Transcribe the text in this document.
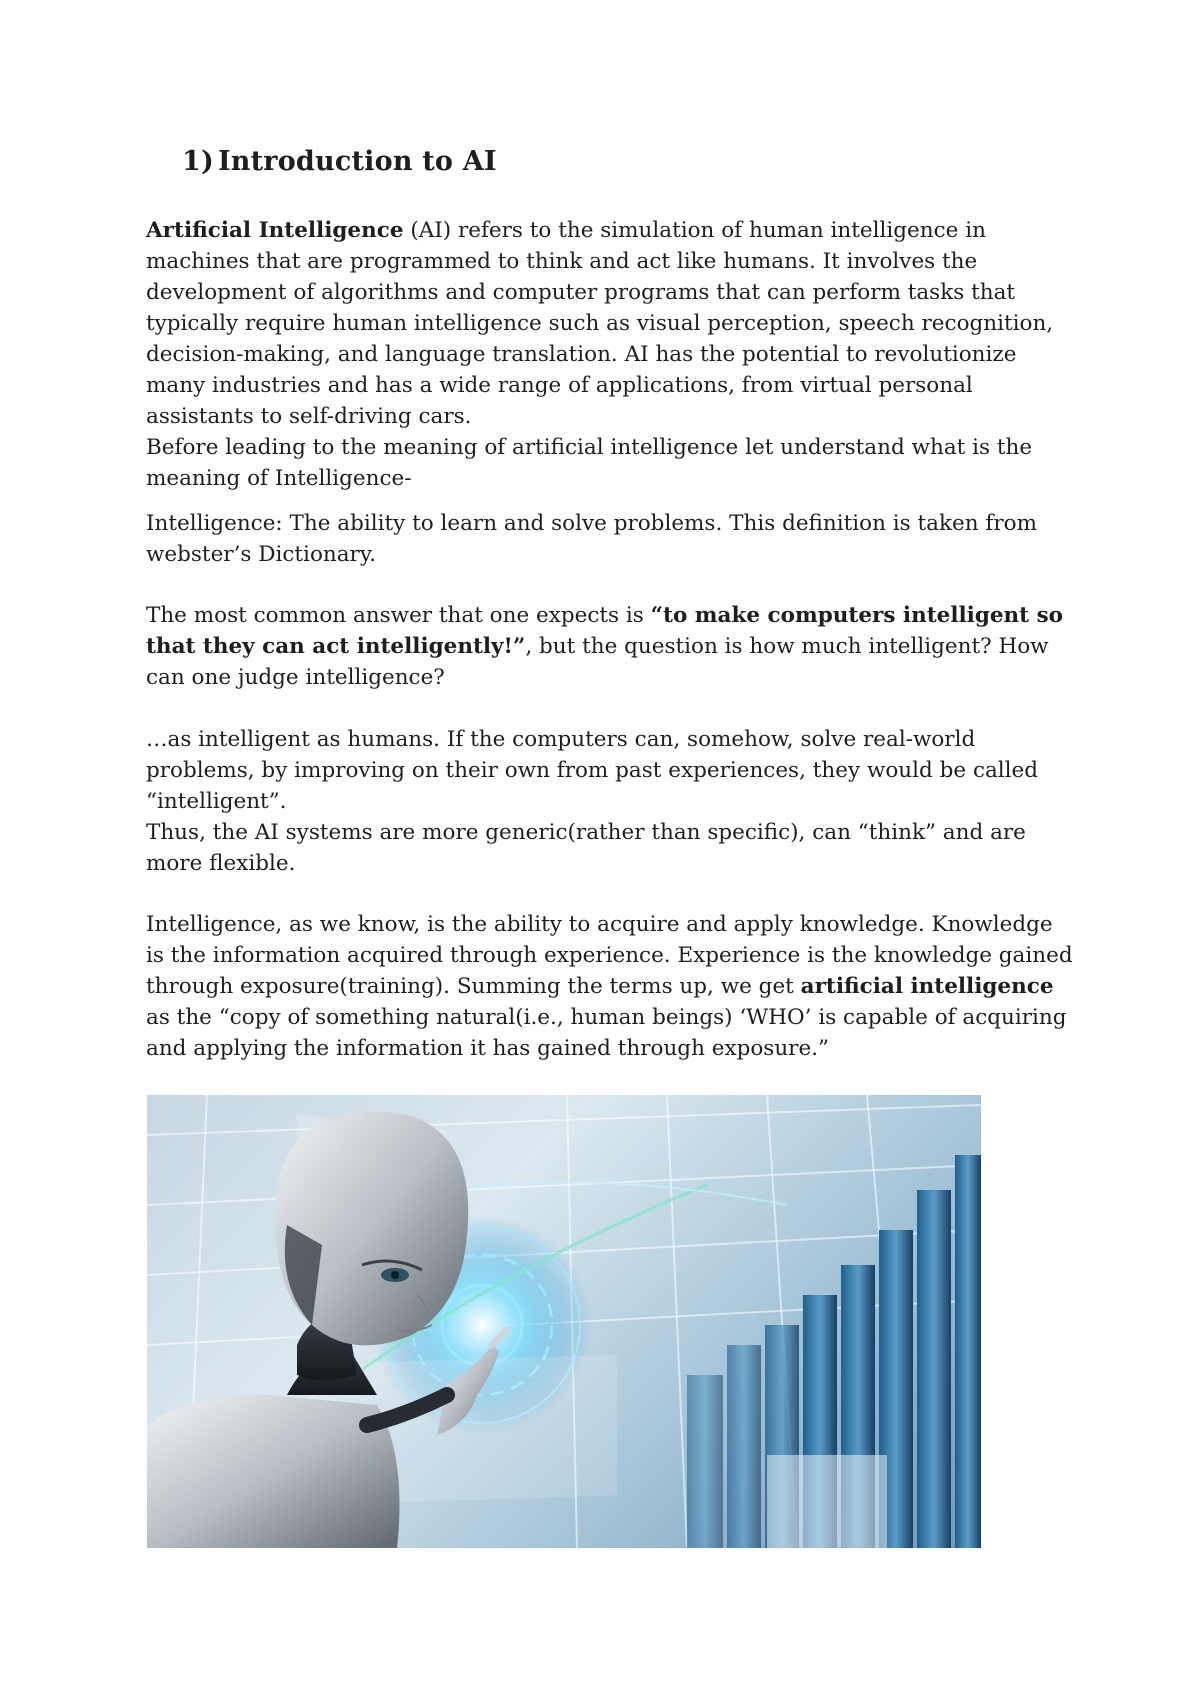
1) Introduction to AI

Artificial Intelligence (AI) refers to the simulation of human intelligence in machines that are programmed to think and act like humans. It involves the development of algorithms and computer programs that can perform tasks that typically require human intelligence such as visual perception, speech recognition, decision-making, and language translation. AI has the potential to revolutionize many industries and has a wide range of applications, from virtual personal assistants to self-driving cars.

Before leading to the meaning of artificial intelligence let understand what is the meaning of Intelligence-

Intelligence: The ability to learn and solve problems. This definition is taken from webster’s Dictionary.

The most common answer that one expects is “to make computers intelligent so that they can act intelligently!”, but the question is how much intelligent? How can one judge intelligence?

…as intelligent as humans. If the computers can, somehow, solve real-world problems, by improving on their own from past experiences, they would be called “intelligent”.

Thus, the AI systems are more generic(rather than specific), can “think” and are more flexible.

Intelligence, as we know, is the ability to acquire and apply knowledge. Knowledge is the information acquired through experience. Experience is the knowledge gained through exposure(training). Summing the terms up, we get artificial intelligence as the “copy of something natural(i.e., human beings) ‘WHO’ is capable of acquiring and applying the information it has gained through exposure.”
